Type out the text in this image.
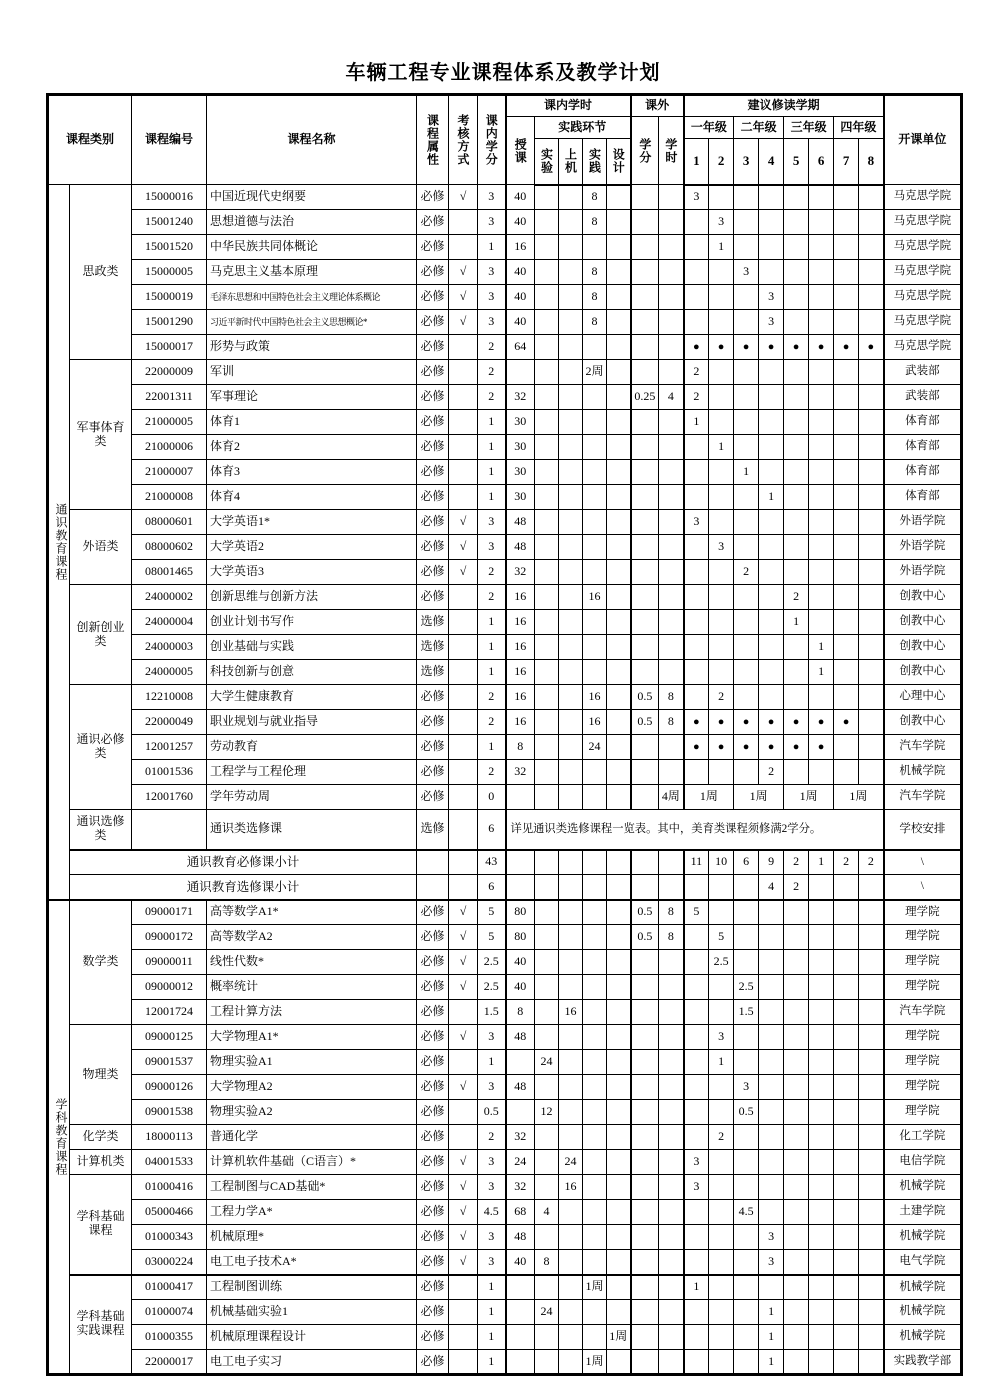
车辆工程专业课程体系及教学计划
课程类别		课程编号	课程名称	课程属性	考核方式	课内学分	课内学时					课外		建议修读学期								开课单位

							授课	实践环节				学分	学时	一年级		二年级		三年级		四年级		

								实验	上机	实践	设计			1	2	3	4	5	6	7	8	

通识教育课程	思政类	15000016	中国近现代史纲要	必修	√	3	40			8				3								马克思学院
		15001240	思想道德与法治	必修		3	40			8					3							马克思学院
		15001520	中华民族共同体概论	必修		1	16								1							马克思学院
		15000005	马克思主义基本原理	必修	√	3	40			8						3						马克思学院
		15000019	毛泽东思想和中国特色社会主义理论体系概论	必修	√	3	40			8							3					马克思学院
		15001290	习近平新时代中国特色社会主义思想概论*	必修	√	3	40			8							3					马克思学院
		15000017	形势与政策	必修		2	64							●	●	●	●	●	●	●	●	马克思学院
	军事体育类	22000009	军训	必修		2				2周				2								武装部
		22001311	军事理论	必修		2	32					0.25	4	2								武装部
		21000005	体育1	必修		1	30							1								体育部
		21000006	体育2	必修		1	30								1							体育部
		21000007	体育3	必修		1	30									1						体育部
		21000008	体育4	必修		1	30										1					体育部
	外语类	08000601	大学英语1*	必修	√	3	48							3								外语学院
		08000602	大学英语2	必修	√	3	48								3							外语学院
		08001465	大学英语3	必修	√	2	32									2						外语学院
	创新创业类	24000002	创新思维与创新方法	必修		2	16			16								2				创教中心
		24000004	创业计划书写作	选修		1	16											1				创教中心
		24000003	创业基础与实践	选修		1	16												1			创教中心
		24000005	科技创新与创意	选修		1	16												1			创教中心
	通识必修类	12210008	大学生健康教育	必修		2	16			16		0.5	8		2							心理中心
		22000049	职业规划与就业指导	必修		2	16			16		0.5	8	●	●	●	●	●	●	●		创教中心
		12001257	劳动教育	必修		1	8			24				●	●	●	●	●	●			汽车学院
		01001536	工程学与工程伦理	必修		2	32										2					机械学院
		12001760	学年劳动周	必修		0							4周	1周		1周		1周		1周		汽车学院
	通识选修类		通识类选修课	选修		6	详见通识类选修课程一览表。其中，美育类课程须修满2学分。															学校安排
	通识教育必修课小计					43								11	10	6	9	2	1	2	2	\
	通识教育选修课小计					6											4	2				\

学科教育课程	数学类	09000171	高等数学A1*	必修	√	5	80					0.5	8	5								理学院
		09000172	高等数学A2	必修	√	5	80					0.5	8		5							理学院
		09000011	线性代数*	必修	√	2.5	40								2.5							理学院
		09000012	概率统计	必修	√	2.5	40									2.5						理学院
		12001724	工程计算方法	必修		1.5	8		16							1.5						汽车学院
	物理类	09000125	大学物理A1*	必修	√	3	48								3							理学院
		09001537	物理实验A1	必修		1		24							1							理学院
		09000126	大学物理A2	必修	√	3	48									3						理学院
		09001538	物理实验A2	必修		0.5		12								0.5						理学院
	化学类	18000113	普通化学	必修		2	32								2							化工学院
	计算机类	04001533	计算机软件基础（C语言）*	必修	√	3	24		24					3								电信学院
	学科基础课程	01000416	工程制图与CAD基础*	必修	√	3	32		16					3								机械学院
		05000466	工程力学A*	必修	√	4.5	68	4								4.5						土建学院
		01000343	机械原理*	必修	√	3	48										3					机械学院
		03000224	电工电子技术A*	必修	√	3	40	8									3					电气学院
	学科基础实践课程	01000417	工程制图训练	必修		1				1周				1								机械学院
		01000074	机械基础实验1	必修		1		24									1					机械学院
		01000355	机械原理课程设计	必修		1					1周						1					机械学院
		22000017	电工电子实习	必修		1				1周							1					实践教学部
